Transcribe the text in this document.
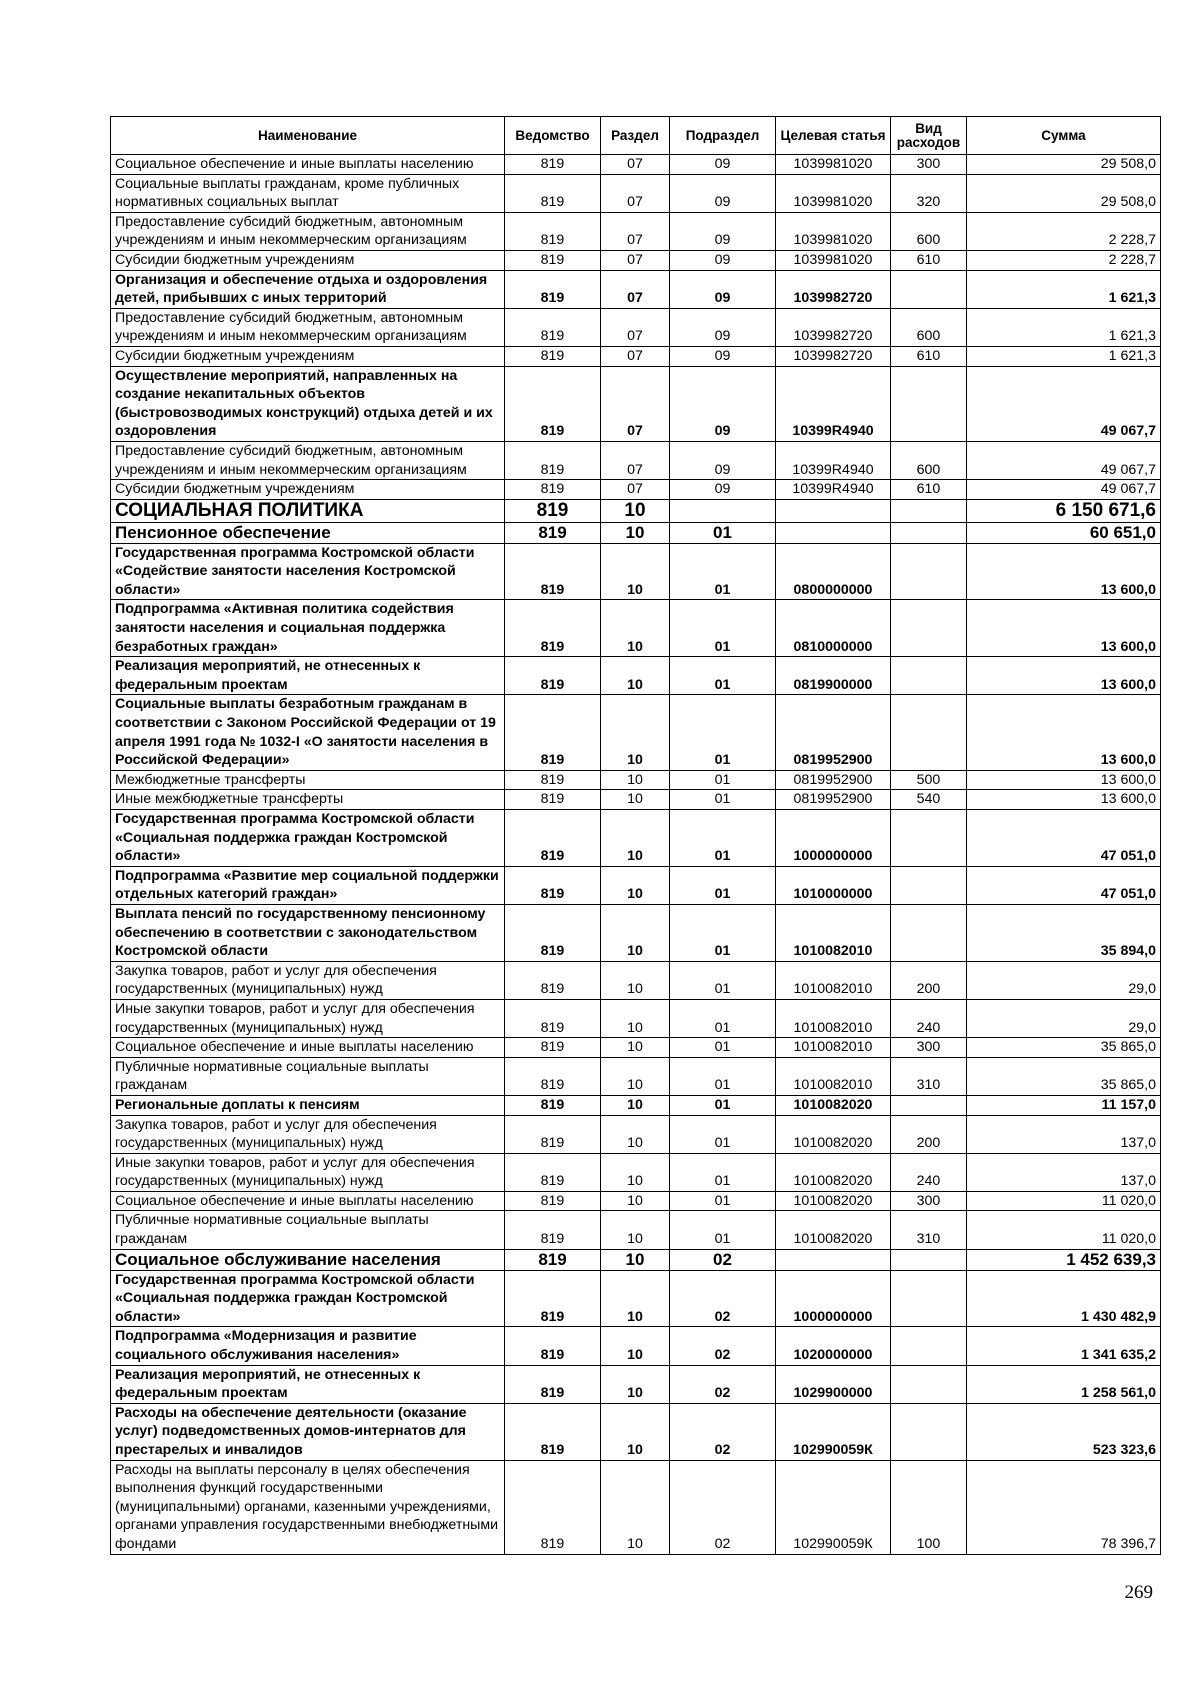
Наименование	Ведомство	Раздел	Подраздел	Целевая статья	Вид расходов	Сумма
Социальное обеспечение и иные выплаты населению	819	07	09	1039981020	300	29 508,0
Социальные выплаты гражданам, кроме публичных нормативных социальных выплат	819	07	09	1039981020	320	29 508,0
Предоставление субсидий бюджетным, автономным учреждениям и иным некоммерческим организациям	819	07	09	1039981020	600	2 228,7
Субсидии бюджетным учреждениям	819	07	09	1039981020	610	2 228,7
Организация и обеспечение отдыха и оздоровления детей, прибывших с иных территорий	819	07	09	1039982720		1 621,3
Предоставление субсидий бюджетным, автономным учреждениям и иным некоммерческим организациям	819	07	09	1039982720	600	1 621,3
Субсидии бюджетным учреждениям	819	07	09	1039982720	610	1 621,3
Осуществление мероприятий, направленных на создание некапитальных объектов (быстровозводимых конструкций) отдыха детей и их оздоровления	819	07	09	10399R4940		49 067,7
Предоставление субсидий бюджетным, автономным учреждениям и иным некоммерческим организациям	819	07	09	10399R4940	600	49 067,7
Субсидии бюджетным учреждениям	819	07	09	10399R4940	610	49 067,7
СОЦИАЛЬНАЯ ПОЛИТИКА	819	10				6 150 671,6
Пенсионное обеспечение	819	10	01			60 651,0
Государственная программа Костромской области «Содействие занятости населения Костромской области»	819	10	01	0800000000		13 600,0
Подпрограмма «Активная политика содействия занятости населения и социальная поддержка безработных граждан»	819	10	01	0810000000		13 600,0
Реализация мероприятий, не отнесенных к федеральным проектам	819	10	01	0819900000		13 600,0
Социальные выплаты безработным гражданам в соответствии с Законом Российской Федерации от 19 апреля 1991 года № 1032-I «О занятости населения в Российской Федерации»	819	10	01	0819952900		13 600,0
Межбюджетные трансферты	819	10	01	0819952900	500	13 600,0
Иные межбюджетные трансферты	819	10	01	0819952900	540	13 600,0
Государственная программа Костромской области «Социальная поддержка граждан Костромской области»	819	10	01	1000000000		47 051,0
Подпрограмма «Развитие мер социальной поддержки отдельных категорий граждан»	819	10	01	1010000000		47 051,0
Выплата пенсий по государственному пенсионному обеспечению в соответствии с законодательством Костромской области	819	10	01	1010082010		35 894,0
Закупка товаров, работ и услуг для обеспечения государственных (муниципальных) нужд	819	10	01	1010082010	200	29,0
Иные закупки товаров, работ и услуг для обеспечения государственных (муниципальных) нужд	819	10	01	1010082010	240	29,0
Социальное обеспечение и иные выплаты населению	819	10	01	1010082010	300	35 865,0
Публичные нормативные социальные выплаты гражданам	819	10	01	1010082010	310	35 865,0
Региональные доплаты к пенсиям	819	10	01	1010082020		11 157,0
Закупка товаров, работ и услуг для обеспечения государственных (муниципальных) нужд	819	10	01	1010082020	200	137,0
Иные закупки товаров, работ и услуг для обеспечения государственных (муниципальных) нужд	819	10	01	1010082020	240	137,0
Социальное обеспечение и иные выплаты населению	819	10	01	1010082020	300	11 020,0
Публичные нормативные социальные выплаты гражданам	819	10	01	1010082020	310	11 020,0
Социальное обслуживание населения	819	10	02			1 452 639,3
Государственная программа Костромской области «Социальная поддержка граждан Костромской области»	819	10	02	1000000000		1 430 482,9
Подпрограмма «Модернизация и развитие социального обслуживания населения»	819	10	02	1020000000		1 341 635,2
Реализация мероприятий, не отнесенных к федеральным проектам	819	10	02	1029900000		1 258 561,0
Расходы на обеспечение деятельности (оказание услуг) подведомственных домов-интернатов для престарелых и инвалидов	819	10	02	102990059К		523 323,6
Расходы на выплаты персоналу в целях обеспечения выполнения функций государственными (муниципальными) органами, казенными учреждениями, органами управления государственными внебюджетными фондами	819	10	02	102990059К	100	78 396,7
269
